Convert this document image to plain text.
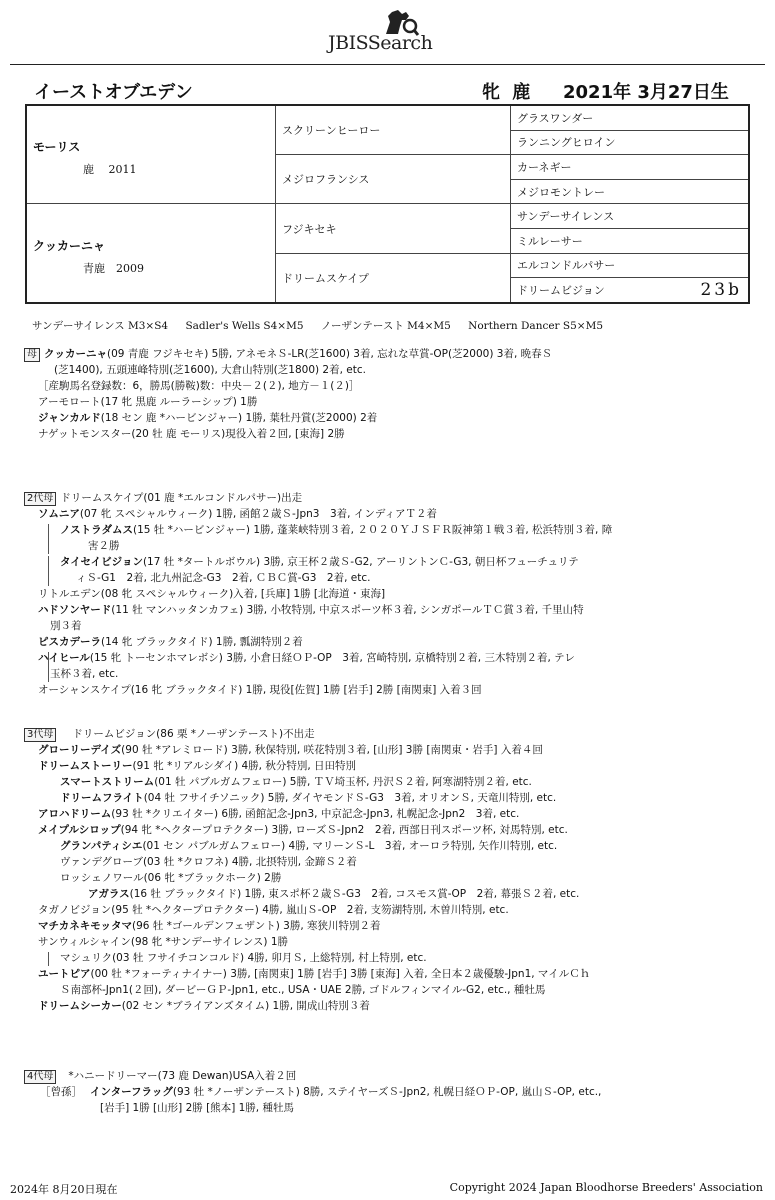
JBISSearch
イーストオブエデン	牝 鹿 2021年 3月27日生
モーリス
鹿　 2011	スクリーンヒーロー	グラスワンダー
		ランニングヒロイン
	メジロフランシス	カーネギー
		メジロモントレー

クッカーニャ
青鹿　2009	フジキセキ	サンデーサイレンス
		ミルレーサー
	ドリームスケイプ	エルコンドルパサー
		ドリームビジョン 23b
サンデーサイレンス M3×S4 Sadler's Wells S4×M5 ノーザンテースト M4×M5 Northern Dancer S5×M5
母 クッカーニャ(09 青鹿 フジキセキ) 5勝, アネモネＳ-LR(芝1600) 3着, 忘れな草賞-OP(芝2000) 3着, 晩春Ｓ
(芝1400), 五頭連峰特別(芝1600), 大倉山特別(芝1800) 2着, etc.
［産駒馬名登録数：6，勝馬(勝鞍)数：中央－２(２), 地方－１(２)］
アーモロート(17 牝 黒鹿 ルーラーシップ) 1勝
ジャンカルド(18 セン 鹿 *ハービンジャー) 1勝, 葉牡丹賞(芝2000) 2着
ナゲットモンスター(20 牡 鹿 モーリス)現役入着２回, [東海] 2勝
2代母 ドリームスケイプ(01 鹿 *エルコンドルパサー)出走
ソムニア(07 牝 スペシャルウィーク) 1勝, 函館２歳Ｓ-Jpn3　3着, インディアＴ２着
ノストラダムス(15 牡 *ハービンジャー) 1勝, 蓬莱峡特別３着, ２０２０ＹＪＳＦＲ阪神第１戦３着, 松浜特別３着, 障
害２勝
タイセイビジョン(17 牡 *タートルボウル) 3勝, 京王杯２歳Ｓ-G2, アーリントンＣ-G3, 朝日杯フューチュリテ
ィＳ-G1　2着, 北九州記念-G3　2着, ＣＢＣ賞-G3　2着, etc.
リトルエデン(08 牝 スペシャルウィーク)入着, [兵庫] 1勝 [北海道・東海]
ハドソンヤード(11 牡 マンハッタンカフェ) 3勝, 小牧特別, 中京スポーツ杯３着, シンガポールＴＣ賞３着, 千里山特
別３着
ピスカデーラ(14 牝 ブラックタイド) 1勝, 瓢湖特別２着
ハイヒール(15 牝 トーセンホマレボシ) 3勝, 小倉日経ＯＰ-OP　3着, 宮崎特別, 京橋特別２着, 三木特別２着, テレ
玉杯３着, etc.
オーシャンスケイプ(16 牝 ブラックタイド) 1勝, 現役[佐賀] 1勝 [岩手] 2勝 [南関東] 入着３回
3代母 ドリームビジョン(86 栗 *ノーザンテースト)不出走
グローリーデイズ(90 牡 *アレミロード) 3勝, 秋保特別, 咲花特別３着, [山形] 3勝 [南関東・岩手] 入着４回
ドリームストーリー(91 牝 *リアルシダイ) 4勝, 秋分特別, 日田特別
スマートストリーム(01 牡 パブルガムフェロー) 5勝, ＴＶ埼玉杯, 丹沢Ｓ２着, 阿寒湖特別２着, etc.
ドリームフライト(04 牡 フサイチソニック) 5勝, ダイヤモンドＳ-G3　3着, オリオンＳ, 天竜川特別, etc.
アロハドリーム(93 牡 *クリエイター) 6勝, 函館記念-Jpn3, 中京記念-Jpn3, 札幌記念-Jpn2　3着, etc.
メイプルシロップ(94 牝 *ヘクタープロテクター) 3勝, ローズＳ-Jpn2　2着, 西部日刊スポーツ杯, 対馬特別, etc.
グランパティシエ(01 セン パブルガムフェロー) 4勝, マリーンＳ-L　3着, オーロラ特別, 矢作川特別, etc.
ヴァンデグローブ(03 牡 *クロフネ) 4勝, 北摂特別, 金蹄Ｓ２着
ロッシェノワール(06 牝 *ブラックホーク) 2勝
アガラス(16 牡 ブラックタイド) 1勝, 東スポ杯２歳Ｓ-G3　2着, コスモス賞-OP　2着, 幕張Ｓ２着, etc.
タガノビジョン(95 牡 *ヘクタープロテクター) 4勝, 嵐山Ｓ-OP　2着, 支笏湖特別, 木曽川特別, etc.
マチカネキモッタマ(96 牡 *ゴールデンフェザント) 3勝, 寒狭川特別２着
サンウィルシャイン(98 牝 *サンデーサイレンス) 1勝
マシュリク(03 牡 フサイチコンコルド) 4勝, 卯月Ｓ, 上総特別, 村上特別, etc.
ユートピア(00 牡 *フォーティナイナー) 3勝, [南関東] 1勝 [岩手] 3勝 [東海] 入着, 全日本２歳優駿-Jpn1, マイルＣｈ
Ｓ南部杯-Jpn1(２回), ダービーＧＰ-Jpn1, etc., USA・UAE 2勝, ゴドルフィンマイル-G2, etc., 種牡馬
ドリームシーカー(02 セン *ブライアンズタイム) 1勝, 開成山特別３着
4代母 *ハニードリーマー(73 鹿 Dewan)USA入着２回
［曾孫］ インターフラッグ(93 牡 *ノーザンテースト) 8勝, ステイヤーズＳ-Jpn2, 札幌日経ＯＰ-OP, 嵐山Ｓ-OP, etc.,
[岩手] 1勝 [山形] 2勝 [熊本] 1勝, 種牡馬
2024年 8月20日現在	Copyright 2024 Japan Bloodhorse Breeders' Association
